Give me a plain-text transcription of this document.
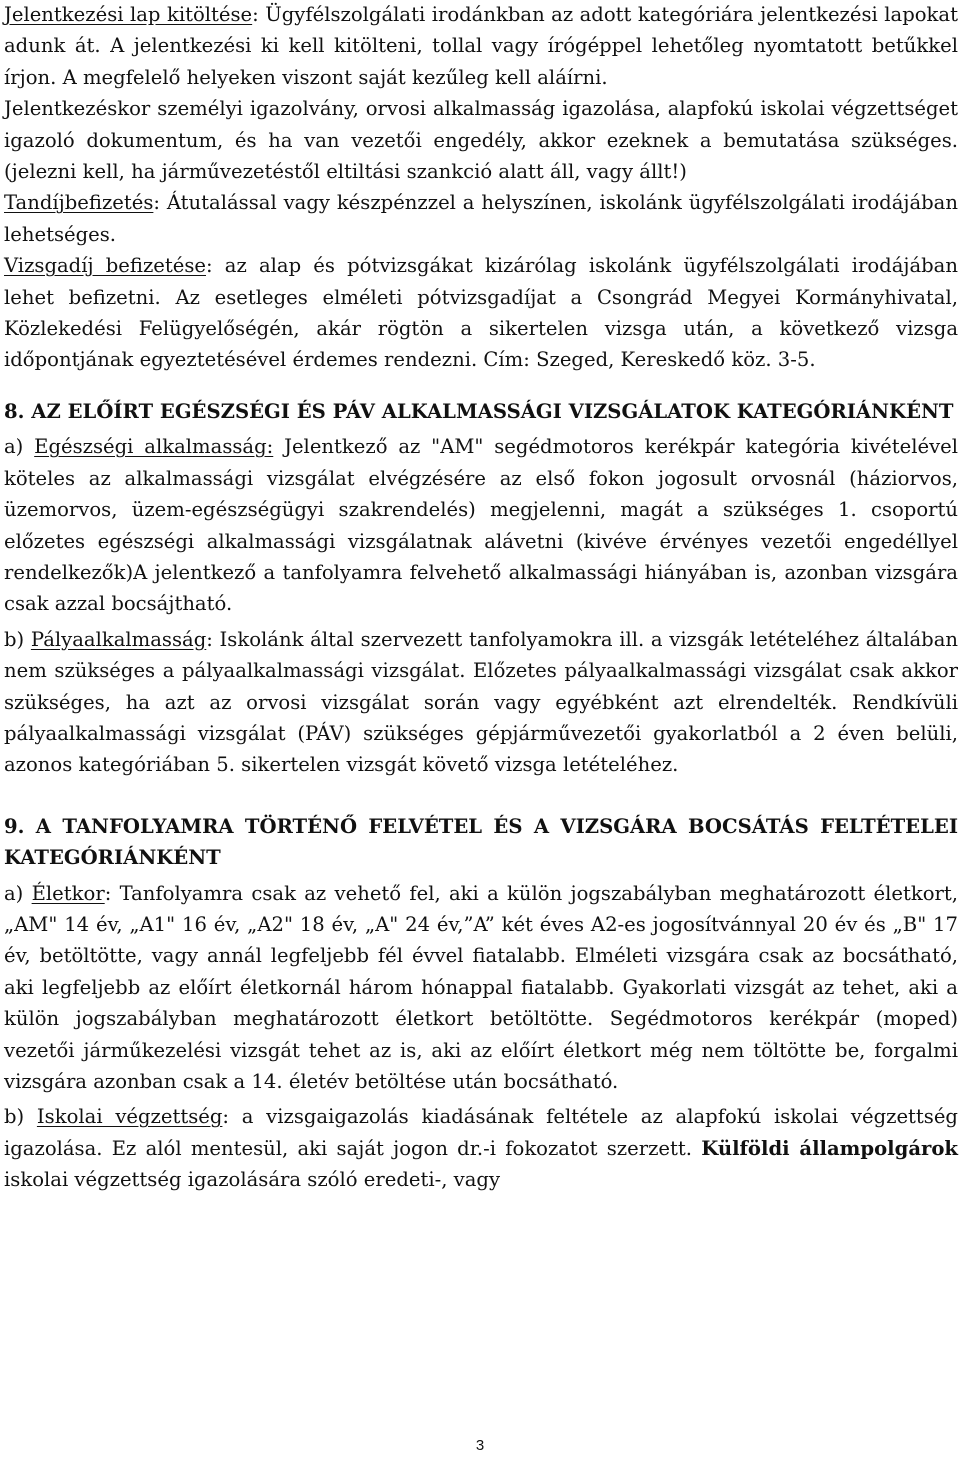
Jelentkezési lap kitöltése: Ügyfélszolgálati irodánkban az adott kategóriára jelentkezési lapokat adunk át. A jelentkezési ki kell kitölteni, tollal vagy írógéppel lehetőleg nyomtatott betűkkel írjon. A megfelelő helyeken viszont saját kezűleg kell aláírni.

Jelentkezéskor személyi igazolvány, orvosi alkalmasság igazolása, alapfokú iskolai végzettséget igazoló dokumentum, és ha van vezetői engedély, akkor ezeknek a bemutatása szükséges. (jelezni kell, ha járművezetéstől eltiltási szankció alatt áll, vagy állt!)

Tandíjbefizetés: Átutalással vagy készpénzzel a helyszínen, iskolánk ügyfélszolgálati irodájában lehetséges.

Vizsgadíj befizetése: az alap és pótvizsgákat kizárólag iskolánk ügyfélszolgálati irodájában lehet befizetni. Az esetleges elméleti pótvizsgadíjat a Csongrád Megyei Kormányhivatal, Közlekedési Felügyelőségén, akár rögtön a sikertelen vizsga után, a következő vizsga időpontjának egyeztetésével érdemes rendezni. Cím: Szeged, Kereskedő köz. 3-5.

8. AZ ELŐÍRT EGÉSZSÉGI ÉS PÁV ALKALMASSÁGI VIZSGÁLATOK KATEGÓRIÁNKÉNT

a) Egészségi alkalmasság: Jelentkező az "AM" segédmotoros kerékpár kategória kivételével köteles az alkalmassági vizsgálat elvégzésére az első fokon jogosult orvosnál (háziorvos, üzemorvos, üzem-egészségügyi szakrendelés) megjelenni, magát a szükséges 1. csoportú előzetes egészségi alkalmassági vizsgálatnak alávetni (kivéve érvényes vezetői engedéllyel rendelkezők)A jelentkező a tanfolyamra felvehető alkalmassági hiányában is, azonban vizsgára csak azzal bocsájtható.

b) Pályaalkalmasság: Iskolánk által szervezett tanfolyamokra ill. a vizsgák letételéhez általában nem szükséges a pályaalkalmassági vizsgálat. Előzetes pályaalkalmassági vizsgálat csak akkor szükséges, ha azt az orvosi vizsgálat során vagy egyébként azt elrendelték. Rendkívüli pályaalkalmassági vizsgálat (PÁV) szükséges gépjárművezetői gyakorlatból a 2 éven belüli, azonos kategóriában 5. sikertelen vizsgát követő vizsga letételéhez.

9. A TANFOLYAMRA TÖRTÉNŐ FELVÉTEL ÉS A VIZSGÁRA BOCSÁTÁS FELTÉTELEI KATEGÓRIÁNKÉNT

a) Életkor: Tanfolyamra csak az vehető fel, aki a külön jogszabályban meghatározott életkort, „AM" 14 év, „A1" 16 év, „A2" 18 év, „A" 24 év,”A” két éves A2-es jogosítvánnyal 20 év és „B" 17 év, betöltötte, vagy annál legfeljebb fél évvel fiatalabb. Elméleti vizsgára csak az bocsátható, aki legfeljebb az előírt életkornál három hónappal fiatalabb. Gyakorlati vizsgát az tehet, aki a külön jogszabályban meghatározott életkort betöltötte. Segédmotoros kerékpár (moped) vezetői járműkezelési vizsgát tehet az is, aki az előírt életkort még nem töltötte be, forgalmi vizsgára azonban csak a 14. életév betöltése után bocsátható.

b) Iskolai végzettség: a vizsgaigazolás kiadásának feltétele az alapfokú iskolai végzettség igazolása. Ez alól mentesül, aki saját jogon dr.-i fokozatot szerzett. Külföldi állampolgárok iskolai végzettség igazolására szóló eredeti-, vagy

3
